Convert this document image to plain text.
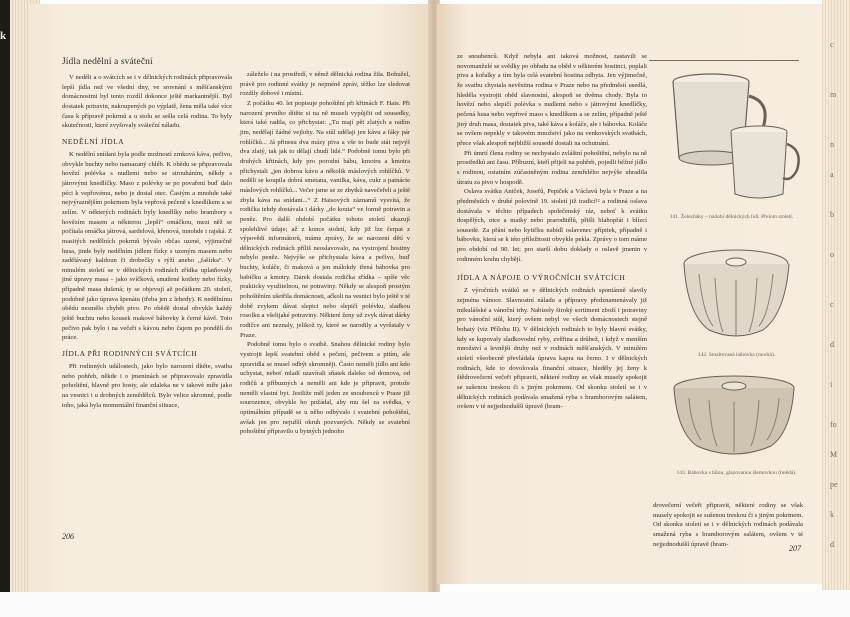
k
Jídla nedělní a sváteční

V neděli a o svátcích se i v dělnických rodinách připravovala lepší jídla než ve všední dny, ve srovnání s měšťanskými domácnostmi byl tento rozdíl dokonce ještě markantnější. Byl dostatek potravin, nakoupených po výplatě, žena měla také více času k přípravě pokrmů a u stolu se sešla celá rodina. To byly skutečnosti, které zvyšovaly sváteční náladu.

NEDĚLNÍ JÍDLA

K nedělní snídani byla podle možností zrnková káva, pečivo, obvykle buchty nebo namazaný chléb. K obědu se připravovala hovězí polévka s nudlemi nebo se strouháním, někdy s játrovými knedlíčky. Maso z polévky se po povaření buď dalo péci k vepřovému, nebo je dostal otec. Častým a mnohde také nejvýraznějším pokrmem byla vepřová pečeně s knedlíkem a se zelím. V některých rodinách byly knedlíky nebo brambory s hovězím masem a některou „lepší“ omáčkou, mezi něž se počítala omáčka játrová, sardelová, křenová, mnohde i rajská. Z masitých nedělních pokrmů bývalo občas uzené, výjimečně husa, jinde byly nedělním jídlem řízky s uzeným masem nebo zadělávaný kaldoun či drobečky s rýží anebo „fašírka“. V minulém století se v dělnických rodinách zřídka uplatňovaly jiné úpravy masa – jako svíčková, smažené kotlety nebo řízky, případně masa dušená; ty se objevují až počátkem 20. století, podobně jako úprava špenátu (třeba jen z lebedy). K nedělnímu obědu nesmělo chybět pivo. Po obědě dostal obvykle každý ještě buchtu nebo kousek makové bábovky k černé kávě. Toto pečivo pak bylo i na večeři s kávou nebo čajem po pondělí do práce.

JÍDLA PŘI RODINNÝCH SVÁTCÍCH

Při rodinných událostech, jako bylo narození dítěte, svatba nebo pohřeb, někde i o jmeninách se připravovalo zpravidla pohoštění, hlavně pro hosty, ale zdaleka ne v takové míře jako na vesnici i u drobných zemědělců. Bylo velice skromné, podle toho, jaká byla momentální finanční situace,

záleželo i na prostředí, v němž dělnická rodina žila. Bohužel, právě pro rodinné svátky je nejméně zpráv, těžko lze sledovat rozdíly dobové i místní.

Z počátku 40. let popisuje pohoštění při křtinách F. Hais. Při narození prvního dítěte si na ně museli vypůjčit od sousedky, která také radila, co přichystat: „Tu mají pět zlatých a radím jim, nedělají žádné vejlohy. Na stůl udělají jen kávu a fáky pár rohlíčků... Já přinesu dva mázy piva a vše to bude stát nejvýš dva zlatý, tak jak to dělají chudí lidé.“ Podobně tomu bylo při druhých křtinách, kdy pro porodní bábu, kmotru a kmotra přichystali „jen dobrou kávu a několik máslových rohlíčků. V neděli se koupila dobrá smetana, vanilka, káva, cukr a patnácte máslových rohlíčků... Večer jsme se ze zbytků navečeřeli a ještě zbyla káva na snídani...“ Z Haisových záznamů vysvítá, že rodička tehdy dostávala i dárky „do kouta“ ve formě potravin a peněz. Pro další období počátku tohoto století ukazují spolehlivé údaje; až z konce století, kdy již lze čerpat z výpovědí informátorů, máme zprávy, že se narození dětí v dělnických rodinách příliš neoslavovalo, na vystrojení hostiny nebylo peněz. Nejvýše se přichystala káva a pečivo, buď buchty, koláče, či maková a jen málokdy třená bábovka pro babičku a kmotry. Dárek dostala rodička zřídka – spíše věc prakticky využitelnou, ne potraviny. Někdy se alespoň prostým pohoštěním ušetřila domácnosti, ačkoli na vesnici bylo ještě v té době zvykem dávat slepici nebo slepičí polévku, sladkou rosolku a všelijaké potraviny. Některé ženy už zvyk dávat dárky rodičce ani neznaly, jelikož ty, které se narodily a vyrůstaly v Praze.

Podobně tomu bylo o svatbě. Snahou dělnické rodiny bylo vystrojit lepší svatební oběd s pečení, pečivem a pitím, ale zpravidla se musel odbýt skromněji. Často neměli jídlo ani kdo uchystat, neboť mladí uzavírali sňatek daleko od domova, od rodičů a příbuzných a neměli ani kde je připravit, protože neměli vlastní byt. Jestliže měl jeden ze snoubenců v Praze již sourozence, obvykle ho požádal, aby mu šel za svědka, v optimálním případě se u něho odbývalo i svatební pohoštění, avšak jen pro nejužší okruh pozvaných. Někdy se svatební pohoštění připravilo u bytných jednoho

206

ze snoubenců. Když nebyla ani taková možnost, zastavili se novomanželé se svědky po obřadu na oběd v některém hostinci, poplali piva a kořalky a tím byla celá svatební hostina odbyta. Jen výjimečně, že svatbu chystala nevěstina rodina v Praze nebo na předměstí usedlá, hleděla vystrojit oběd slavnostní, alespoň se dvěma chody. Byla to hovězí nebo slepičí polévka s nudlemi nebo s játrovými knedlíčky, pečená husa nebo vepřové maso s knedlíkem a se zelím, případně ještě jiný druh masa, dostatek piva, také káva a koláče, ale i bábovka. Koláče se ovšem nepekly v takovém množství jako na venkovských svatbách, přece však alespoň nejbližší sousedé dostali na ochutnání.

Při úmrtí člena rodiny se nechystalo zvláštní pohoštění, nebylo na ně prostředků ani času. Příbuzní, kteří přijeli na pohřeb, pojedli běžné jídlo s rodinou, ostatním zúčastněným rodina zemřelého nejvýše uhradila útratu za pivo v hospodě.

Oslava svátku Aniček, Josefů, Pepiček a Václavů byla v Praze a na předměstích v druhé polovině 19. století již tradicí¹² a rodinná oslava dostávala v těchto případech společenský ráz, neboť k svátku dospělých, otce a matky nebo praroditělů, přišli blahopřát i blízcí sousedé. Za přání nebo kytičku nabídl oslavenec přípitek, případně i bábovku, která se k této příležitosti obvykle pekla. Zprávy o tom máme pro období od 90. let; pro starší dobu doklady o oslavě jmenin v rodinném kruhu chybějí.

JÍDLA A NÁPOJE O VÝROČNÍCH SVÁTCÍCH

Z výročních svátků se v dělnických rodinách spontánně slavily zejména vánoce. Slavnostní náladu a přípravy předznamenávaly již mikulášské a vánoční trhy. Nabízely široký sortiment zboží i potraviny pro vánoční stůl, který ovšem nebyl ve všech domácnostech stejně bohatý (viz Přílohu II). V dělnických rodinách to byly hlavní svátky, kdy se kupovaly sladkovodní ryby, zvěřina a drůbež, i když v menším množství a levnější druhy než v rodinách měšťanských. V minulém století všeobecně převládala úprava kapra na černo. I v dělnických rodinách, kde to dovolovala finanční situace, hleděly jej ženy k štědrovečerní večeři připravit, některé rodiny se však musely spokojit se sušenou treskou či s jiným pokrmem. Od skonku století se i v dělnických rodinách podávala smažená ryba s bramborovým salátem, ovšem v té nejjednodušší úpravě (bram-

141. Železňáky – nádobí dělnických lidí. Přelom století.
142. Smaltovaná bábovka (modrá).
143. Bábovka s bílou, glazovanou šlemovkou (hnědá).

drovečerní večeři připravit, některé rodiny se však musely spokojit se sušenou treskou či s jiným pokrmem. Od skonku století se i v dělnických rodinách podávala smažená ryba s bramborovým salátem, ovšem v té nejjednodušší úpravě (bram-	207
c
m
n
a
b
o
c
d
i
fo
M
pe
k
d
